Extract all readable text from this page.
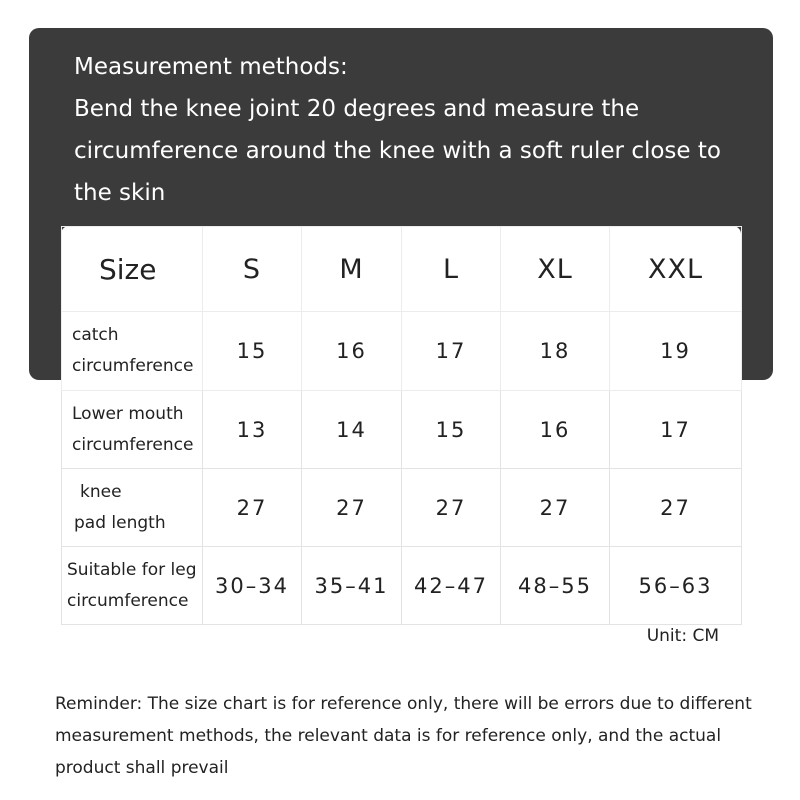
Measurement methods:
Bend the knee joint 20 degrees and measure the
circumference around the knee with a soft ruler close to
the skin
Size	S	M	L	XL	XXL

catch
circumference	15	16	17	18	19

Lower mouth
circumference	13	14	15	16	17

knee
pad length	27	27	27	27	27

Suitable for leg
circumference	30–34	35–41	42–47	48–55	56–63
Unit: CM
Reminder: The size chart is for reference only, there will be errors due to different
measurement methods, the relevant data is for reference only, and the actual
product shall prevail
